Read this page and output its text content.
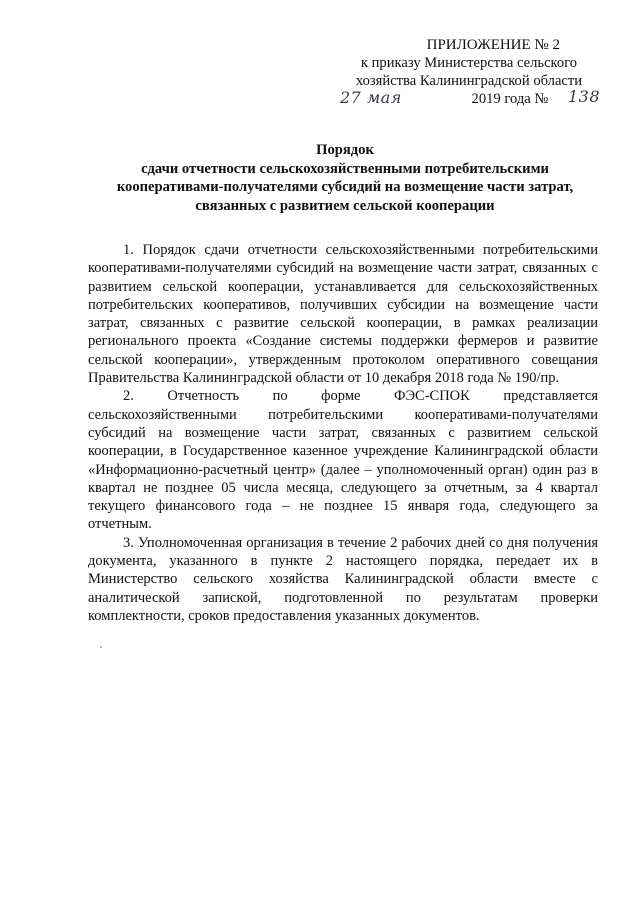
ПРИЛОЖЕНИЕ № 2
к приказу Министерства сельского
хозяйства Калининградской области
27 мая	2019 года № 138
Порядок
сдачи отчетности сельскохозяйственными потребительскими
кооперативами-получателями субсидий на возмещение части затрат,
связанных с развитием сельской кооперации

1. Порядок сдачи отчетности сельскохозяйственными потребительскими кооперативами-получателями субсидий на возмещение части затрат, связанных с развитием сельской кооперации, устанавливается для сельскохозяйственных потребительских кооперативов, получивших субсидии на возмещение части затрат, связанных с развитие сельской кооперации, в рамках реализации регионального проекта «Создание системы поддержки фермеров и развитие сельской кооперации», утвержденным протоколом оперативного совещания Правительства Калининградской области от 10 декабря 2018 года № 190/пр.

2. Отчетность по форме ФЭС-СПОК представляется сельскохозяйственными потребительскими кооперативами-получателями субсидий на возмещение части затрат, связанных с развитием сельской кооперации, в Государственное казенное учреждение Калининградской области «Информационно-расчетный центр» (далее – уполномоченный орган) один раз в квартал не позднее 05 числа месяца, следующего за отчетным, за 4 квартал текущего финансового года – не позднее 15 января года, следующего за отчетным.

3. Уполномоченная организация в течение 2 рабочих дней со дня получения документа, указанного в пункте 2 настоящего порядка, передает их в Министерство сельского хозяйства Калининградской области вместе с аналитической запиской, подготовленной по результатам проверки комплектности, сроков предоставления указанных документов.
